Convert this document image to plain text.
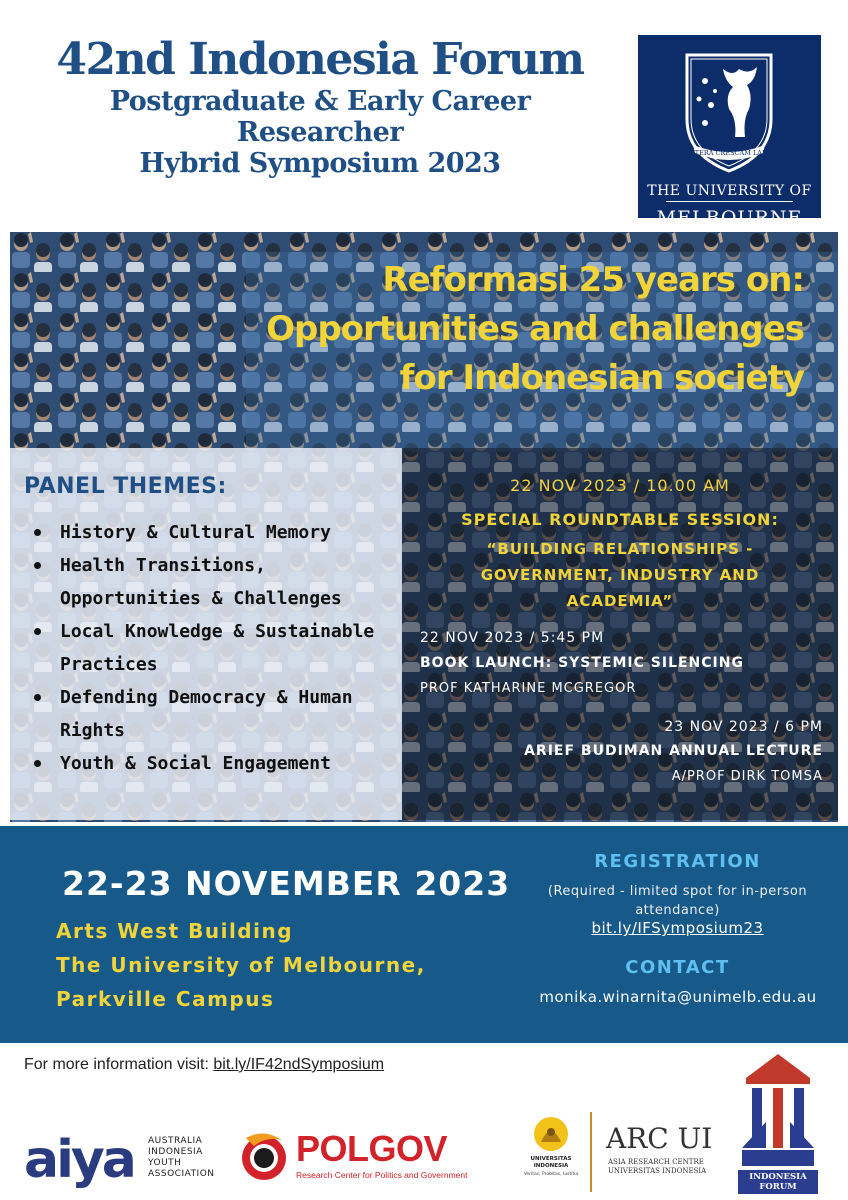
42nd Indonesia Forum
Postgraduate & Early Career
Researcher
Hybrid Symposium 2023	POSTERA CRESCAM LAUDE
THE UNIVERSITY OF
MELBOURNE
Reformasi 25 years on:
Opportunities and challenges
for Indonesian society
PANEL THEMES:
History & Cultural Memory
Health Transitions,
Opportunities & Challenges
Local Knowledge & Sustainable
Practices
Defending Democracy & Human
Rights
Youth & Social Engagement
22 NOV 2023 / 10.00 AM
SPECIAL ROUNDTABLE SESSION:
“BUILDING RELATIONSHIPS -
GOVERNMENT, INDUSTRY AND
ACADEMIA”
22 NOV 2023 / 5:45 PM
BOOK LAUNCH: SYSTEMIC SILENCING
PROF KATHARINE MCGREGOR
23 NOV 2023 / 6 PM
ARIEF BUDIMAN ANNUAL LECTURE
A/PROF DIRK TOMSA
22-23 NOVEMBER 2023
Arts West Building
The University of Melbourne,
Parkville Campus
REGISTRATION
(Required - limited spot for in-person
attendance)
bit.ly/IFSymposium23
CONTACT
monika.winarnita@unimelb.edu.au
For more information visit: bit.ly/IF42ndSymposium
aiya AUSTRALIA
INDONESIA
YOUTH
ASSOCIATION
POLGOV
Research Center for Politics and Government
UNIVERSITAS
INDONESIA
Veritas, Probitas, Iustitia
ARC UI
ASIA RESEARCH CENTRE
UNIVERSITAS INDONESIA
INDONESIA
FORUM
